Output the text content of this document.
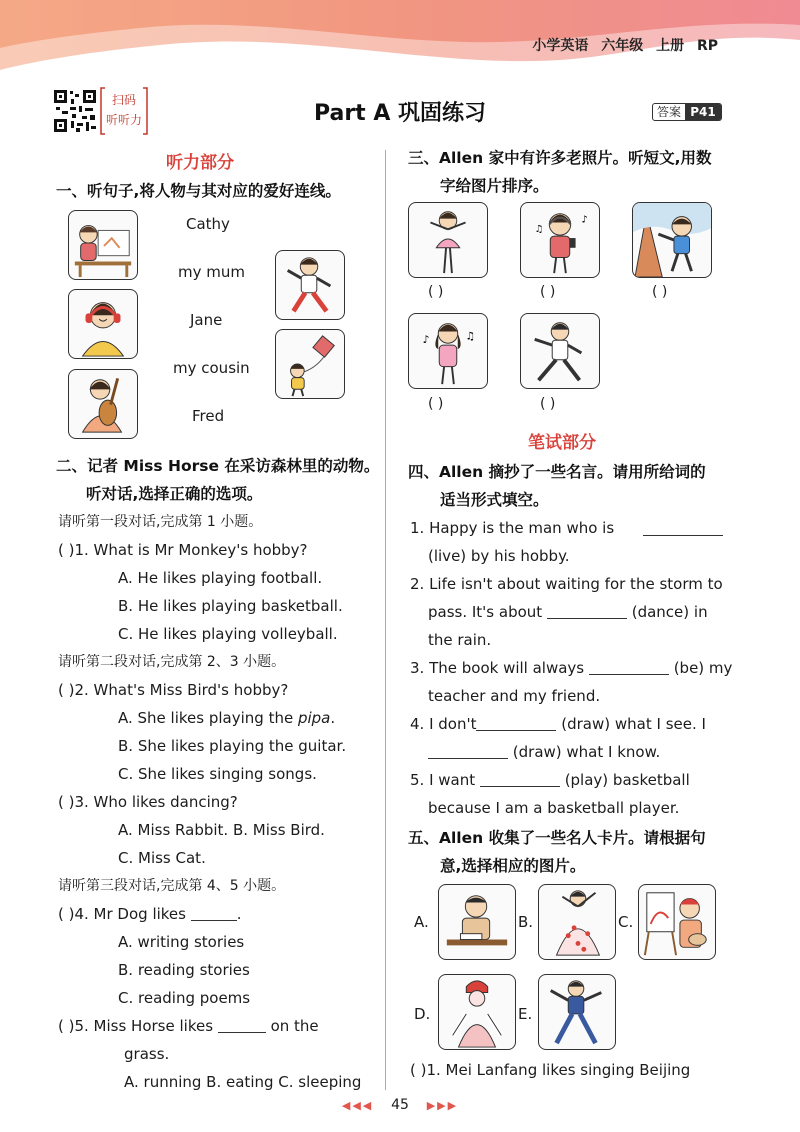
小学英语 六年级 上册 RP
扫码
听听力	Part A 巩固练习	答案 P41
听力部分
一、听句子,将人物与其对应的爱好连线。
Cathy
my mum
Jane
my cousin
Fred
二、记者 Miss Horse 在采访森林里的动物。
听对话,选择正确的选项。
请听第一段对话,完成第 1 小题。
( )1. What is Mr Monkey's hobby?
A. He likes playing football.
B. He likes playing basketball.
C. He likes playing volleyball.
请听第二段对话,完成第 2、3 小题。
( )2. What's Miss Bird's hobby?
A. She likes playing the pipa.
B. She likes playing the guitar.
C. She likes singing songs.
( )3. Who likes dancing?
A. Miss Rabbit. B. Miss Bird.
C. Miss Cat.
请听第三段对话,完成第 4、5 小题。
( )4. Mr Dog likes	.
A. writing stories
B. reading stories
C. reading poems
( )5. Miss Horse likes	on the
grass.
A. running B. eating C. sleeping
三、Allen 家中有许多老照片。听短文,用数
字给图片排序。
♪
♫
( )	( )	( )
♪	♫
( )	( )
笔试部分
四、Allen 摘抄了一些名言。请用所给词的
适当形式填空。
1. Happy is the man who is
(live) by his hobby.
2. Life isn't about waiting for the storm to
pass. It's about	(dance) in
the rain.
3. The book will always	(be) my
teacher and my friend.
4. I don't	(draw) what I see. I
(draw) what I know.
5. I want	(play) basketball
because I am a basketball player.
五、Allen 收集了一些名人卡片。请根据句
意,选择相应的图片。
A.	B.	C.
D.	E.
( )1. Mei Lanfang likes singing Beijing
◀◀◀ 45 ▶▶▶
